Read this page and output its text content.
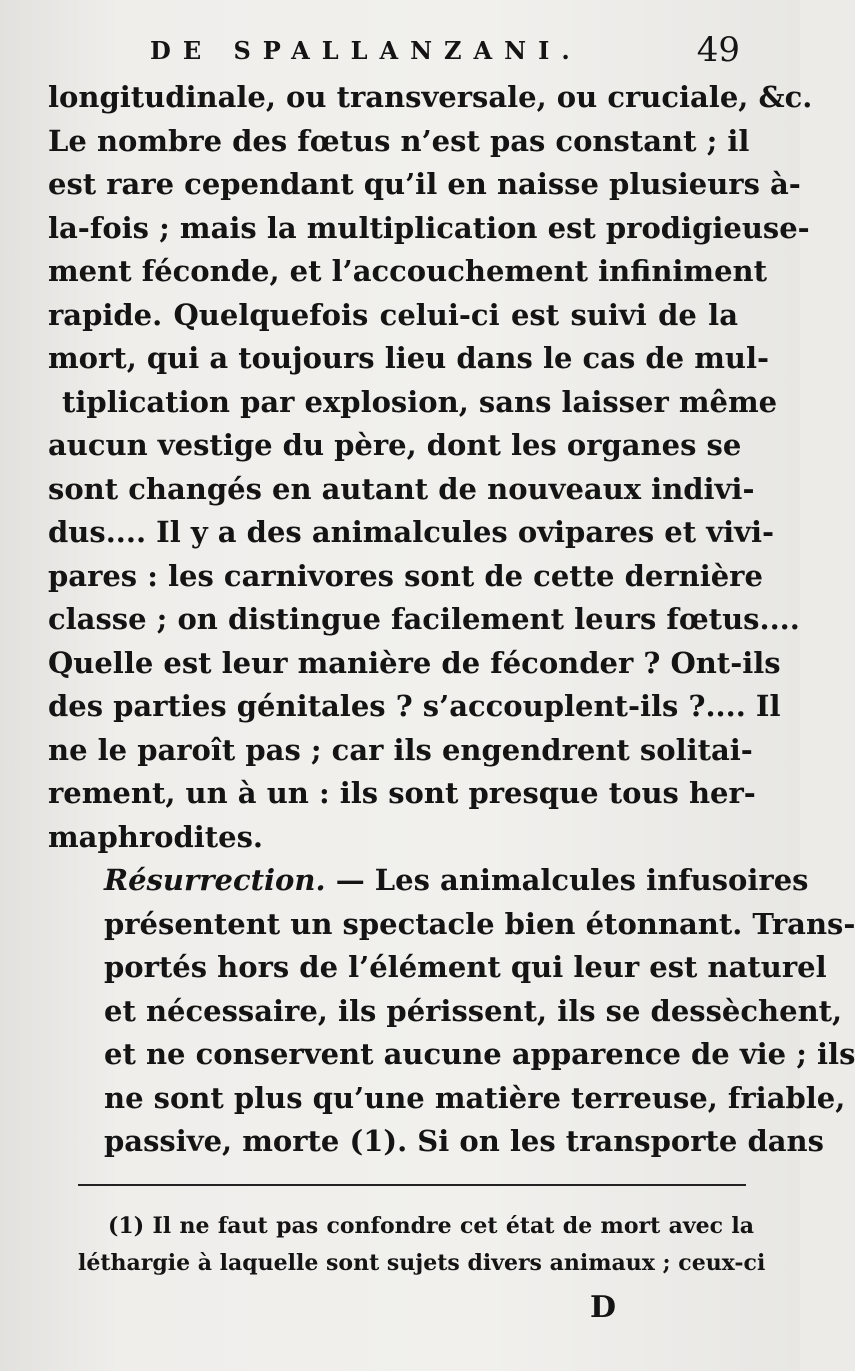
DE SPALLANZANI.	49
longitudinale, ou transversale, ou cruciale, &c.
Le nombre des fœtus n’est pas constant ; il
est rare cependant qu’il en naisse plusieurs à-
la-fois ; mais la multiplication est prodigieuse-
ment féconde, et l’accouchement infiniment
rapide. Quelquefois celui-ci est suivi de la
mort, qui a toujours lieu dans le cas de mul-
tiplication par explosion, sans laisser même
aucun vestige du père, dont les organes se
sont changés en autant de nouveaux indivi-
dus.... Il y a des animalcules ovipares et vivi-
pares : les carnivores sont de cette dernière
classe ; on distingue facilement leurs fœtus....
Quelle est leur manière de féconder ? Ont-ils
des parties génitales ? s’accouplent-ils ?.... Il
ne le paroît pas ; car ils engendrent solitai-
rement, un à un : ils sont presque tous her-
maphrodites.
Résurrection. — Les animalcules infusoires
présentent un spectacle bien étonnant. Trans-
portés hors de l’élément qui leur est naturel
et nécessaire, ils périssent, ils se dessèchent,
et ne conservent aucune apparence de vie ; ils
ne sont plus qu’une matière terreuse, friable,
passive, morte (1). Si on les transporte dans
(1) Il ne faut pas confondre cet état de mort avec la
léthargie à laquelle sont sujets divers animaux ; ceux-ci
D
